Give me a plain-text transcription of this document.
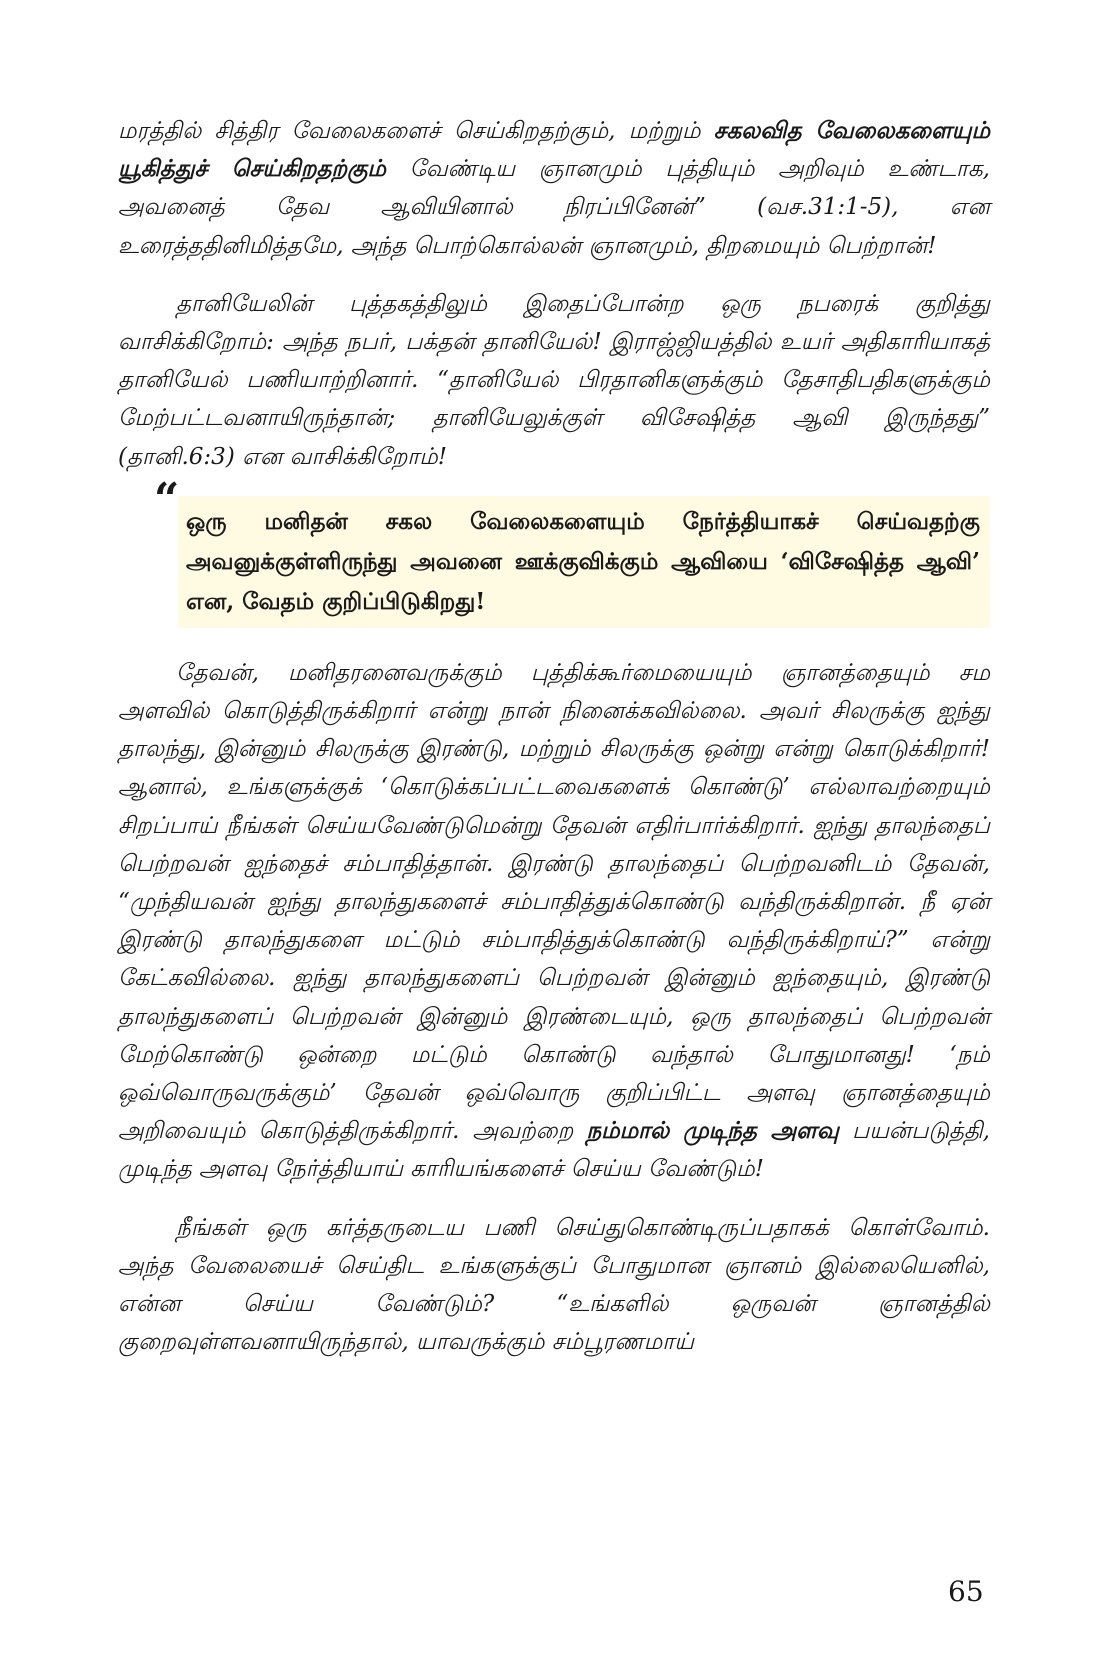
மரத்தில் சித்திர வேலைகளைச் செய்கிறதற்கும், மற்றும் சகலவித வேலைகளையும் யூகித்துச் செய்கிறதற்கும் வேண்டிய ஞானமும் புத்தியும் அறிவும் உண்டாக, அவனைத் தேவ ஆவியினால் நிரப்பினேன்” (வச.31:1-5), என உரைத்ததினிமித்தமே, அந்த பொற்கொல்லன் ஞானமும், திறமையும் பெற்றான்!

தானியேலின் புத்தகத்திலும் இதைப்போன்ற ஒரு நபரைக் குறித்து வாசிக்கிறோம்: அந்த நபர், பக்தன் தானியேல்! இராஜ்ஜியத்தில் உயர் அதிகாரியாகத் தானியேல் பணியாற்றினார். “தானியேல் பிரதானிகளுக்கும் தேசாதிபதிகளுக்கும் மேற்பட்டவனாயிருந்தான்; தானியேலுக்குள் விசேஷித்த ஆவி இருந்தது” (தானி.6:3) என வாசிக்கிறோம்!

“ ஒரு மனிதன் சகல வேலைகளையும் நேர்த்தியாகச் செய்வதற்கு அவனுக்குள்ளிருந்து அவனை ஊக்குவிக்கும் ஆவியை ‘விசேஷித்த ஆவி’ என, வேதம் குறிப்பிடுகிறது!

தேவன், மனிதரனைவருக்கும் புத்திக்கூர்மையையும் ஞானத்தையும் சம அளவில் கொடுத்திருக்கிறார் என்று நான் நினைக்கவில்லை. அவர் சிலருக்கு ஐந்து தாலந்து, இன்னும் சிலருக்கு இரண்டு, மற்றும் சிலருக்கு ஒன்று என்று கொடுக்கிறார்! ஆனால், உங்களுக்குக் ‘கொடுக்கப்பட்டவைகளைக் கொண்டு’ எல்லாவற்றையும் சிறப்பாய் நீங்கள் செய்யவேண்டுமென்று தேவன் எதிர்பார்க்கிறார். ஐந்து தாலந்தைப் பெற்றவன் ஐந்தைச் சம்பாதித்தான். இரண்டு தாலந்தைப் பெற்றவனிடம் தேவன், “முந்தியவன் ஐந்து தாலந்துகளைச் சம்பாதித்துக்கொண்டு வந்திருக்கிறான். நீ ஏன் இரண்டு தாலந்துகளை மட்டும் சம்பாதித்துக்கொண்டு வந்திருக்கிறாய்?” என்று கேட்கவில்லை. ஐந்து தாலந்துகளைப் பெற்றவன் இன்னும் ஐந்தையும், இரண்டு தாலந்துகளைப் பெற்றவன் இன்னும் இரண்டையும், ஒரு தாலந்தைப் பெற்றவன் மேற்கொண்டு ஒன்றை மட்டும் கொண்டு வந்தால் போதுமானது! ‘நம் ஒவ்வொருவருக்கும்’ தேவன் ஒவ்வொரு குறிப்பிட்ட அளவு ஞானத்தையும் அறிவையும் கொடுத்திருக்கிறார். அவற்றை நம்மால் முடிந்த அளவு பயன்படுத்தி, முடிந்த அளவு நேர்த்தியாய் காரியங்களைச் செய்ய வேண்டும்!

நீங்கள் ஒரு கர்த்தருடைய பணி செய்துகொண்டிருப்பதாகக் கொள்வோம். அந்த வேலையைச் செய்திட உங்களுக்குப் போதுமான ஞானம் இல்லையெனில், என்ன செய்ய வேண்டும்? “உங்களில் ஒருவன் ஞானத்தில் குறைவுள்ளவனாயிருந்தால், யாவருக்கும் சம்பூரணமாய்

65
